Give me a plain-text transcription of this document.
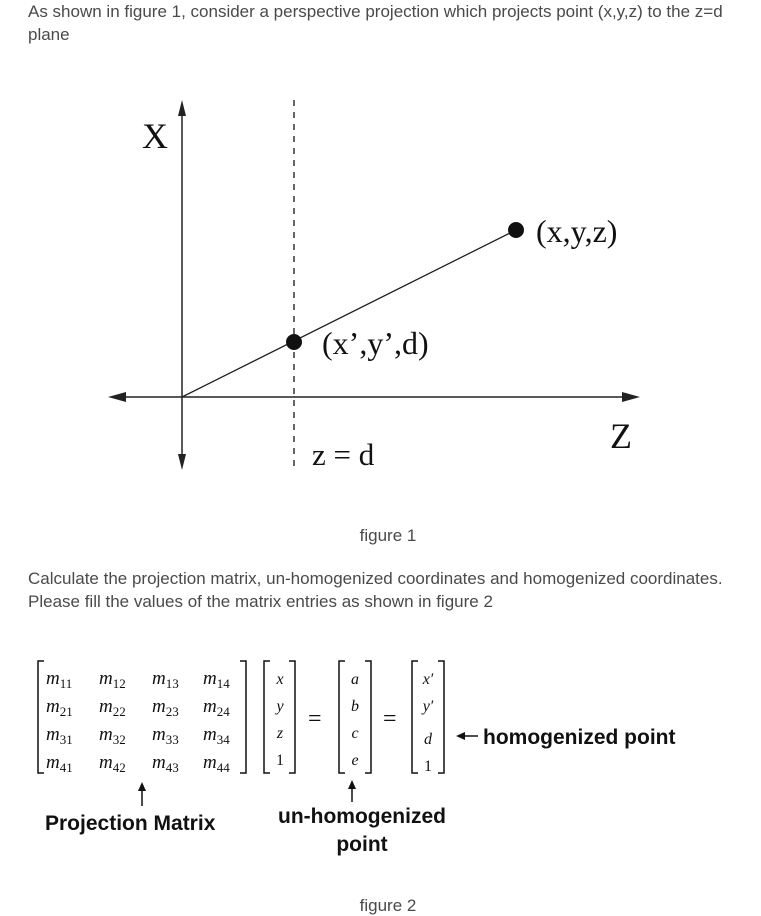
As shown in figure 1, consider a perspective projection which projects point (x,y,z) to the z=d plane
X
Z
z = d
(x,y,z)
(x’,y’,d)
figure 1
Calculate the projection matrix, un-homogenized coordinates and homogenized coordinates. Please fill the values of the matrix entries as shown in figure 2
$m_{11}$ $m_{12}$ $m_{13}$ $m_{14}$
$m_{21}$ $m_{22}$ $m_{23}$ $m_{24}$
$m_{31}$ $m_{32}$ $m_{33}$ $m_{34}$
$m_{41}$ $m_{42}$ $m_{43}$ $m_{44}$
x
y
z
1
=	=
a
b
c
e
x′
y′
d
1
Projection Matrix	un-homogenized
point
homogenized point
figure 2
